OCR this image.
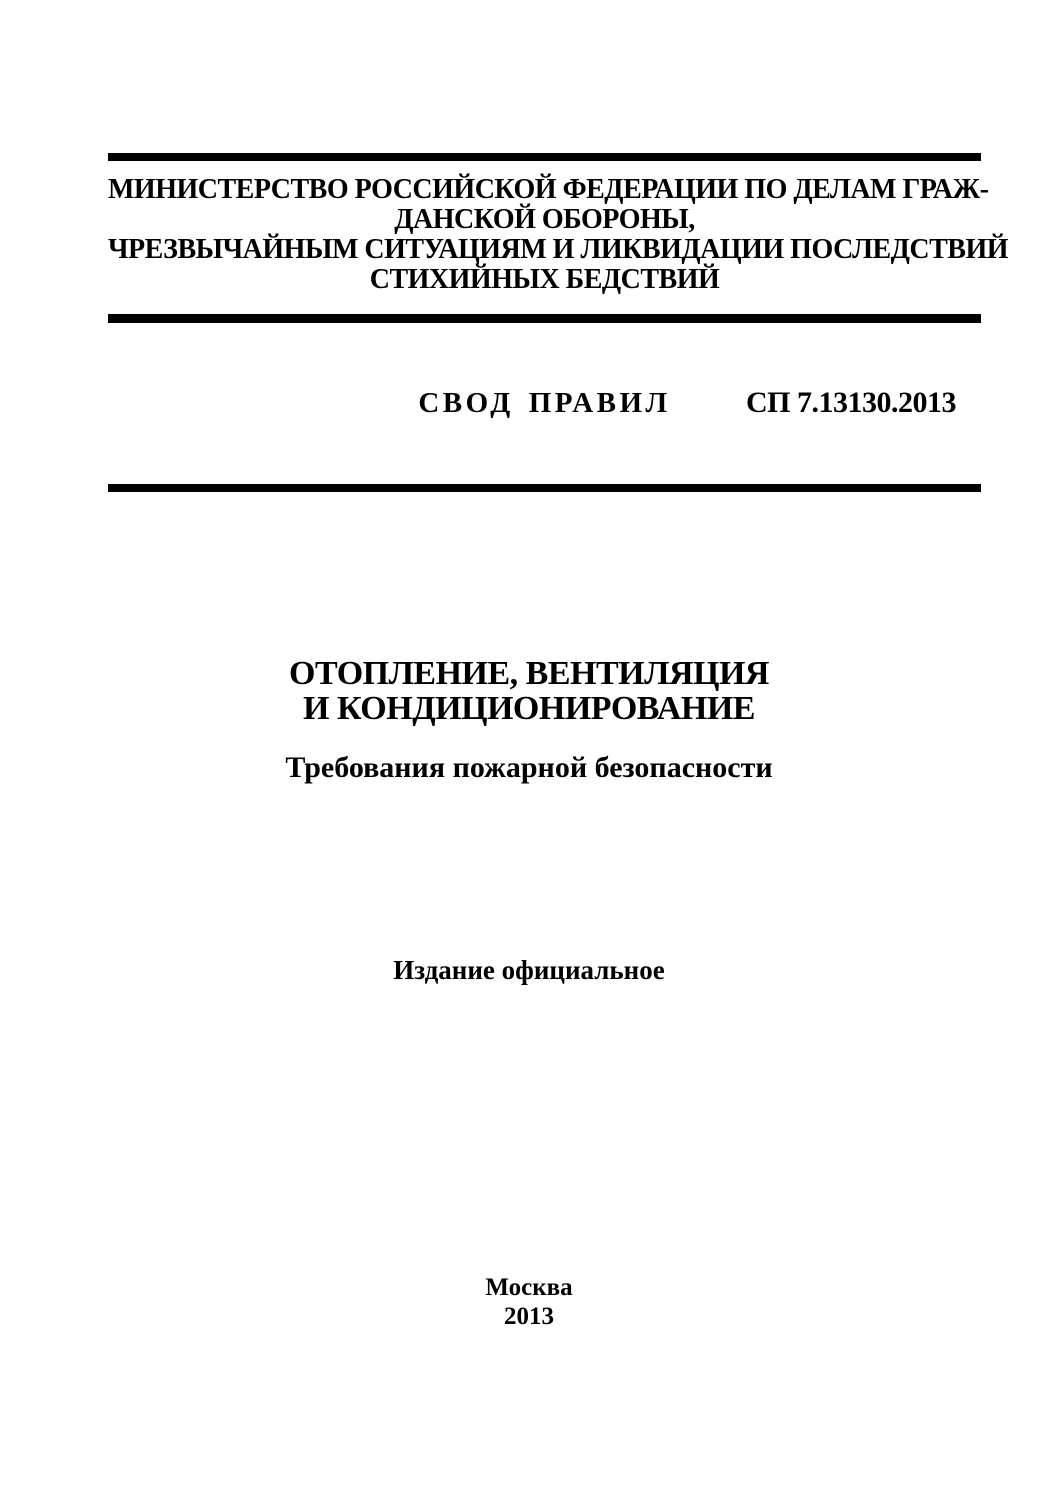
МИНИСТЕРСТВО РОССИЙСКОЙ ФЕДЕРАЦИИ ПО ДЕЛАМ ГРАЖ-
ДАНСКОЙ ОБОРОНЫ,
ЧРЕЗВЫЧАЙНЫМ СИТУАЦИЯМ И ЛИКВИДАЦИИ ПОСЛЕДСТВИЙ
СТИХИЙНЫХ БЕДСТВИЙ
СВОД ПРАВИЛ	СП 7.13130.2013
ОТОПЛЕНИЕ, ВЕНТИЛЯЦИЯ
И КОНДИЦИОНИРОВАНИЕ
Требования пожарной безопасности
Издание официальное
Москва
2013
